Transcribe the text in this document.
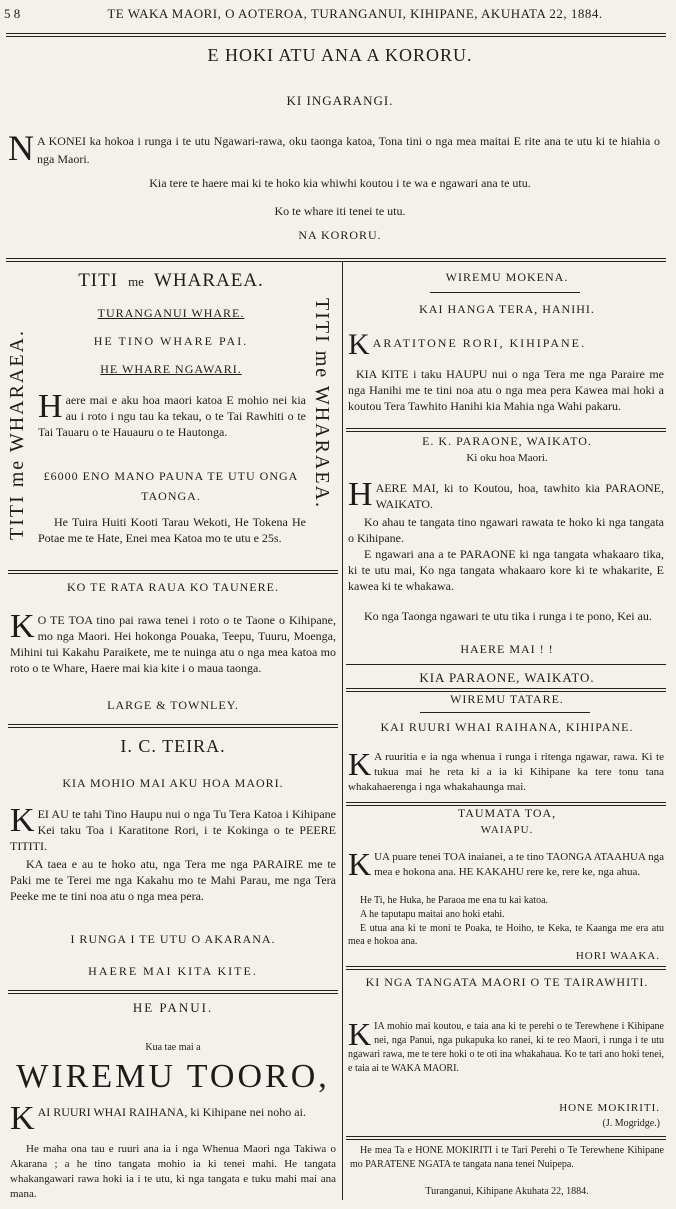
5 8	TE WAKA MAORI, O AOTEROA, TURANGANUI, KIHIPANE, AKUHATA 22, 1884.
E HOKI ATU ANA A KORORU.
KI INGARANGI.
N A KONEI ka hokoa i runga i te utu Ngawari-rawa, oku taonga katoa, Tona tini o nga mea maitai E rite ana te utu ki te hiahia o nga Maori.
Kia tere te haere mai ki te hoko kia whiwhi koutou i te wa e ngawari ana te utu.
Ko te whare iti tenei te utu.
NA KORORU.
TITI me WHARAEA.	TITI me WHARAEA.
TITI me WHARAEA.
TURANGANUI WHARE.
HE TINO WHARE PAI.
HE WHARE NGAWARI.
Haere mai e aku hoa maori katoa E mohio nei kia au i roto i ngu tau ka tekau, o te Tai Rawhiti o te Tai Tauaru o te Hauauru o te Hautonga.
£6000 ENO MANO PAUNA TE UTU ONGA TAONGA.
He Tuira Huiti Kooti Tarau Wekoti, He Tokena He Potae me te Hate, Enei mea Katoa mo te utu e 25s.
KO TE RATA RAUA KO TAUNERE.
K O TE TOA tino pai rawa tenei i roto o te Taone o Kihipane, mo nga Maori. Hei hokonga Pouaka, Teepu, Tuuru, Moenga, Mihini tui Kakahu Paraikete, me te nuinga atu o nga mea katoa mo roto o te Whare, Haere mai kia kite i o maua taonga.
LARGE & TOWNLEY.
I. C. TEIRA.
KIA MOHIO MAI AKU HOA MAORI.
KEI AU te tahi Tino Haupu nui o nga Tu Tera Katoa i Kihipane Kei taku Toa i Karatitone Rori, i te Kokinga o te PEERE TITITI.
KA taea e au te hoko atu, nga Tera me nga PARAIRE me te Paki me te Terei me nga Kakahu mo te Mahi Parau, me nga Tera Peeke me te tini noa atu o nga mea pera.
I RUNGA I TE UTU O AKARANA.
HAERE MAI KITA KITE.
HE PANUI.
Kua tae mai a
WIREMU TOORO,
KAI RUURI WHAI RAIHANA, ki Kihipane nei noho ai.
He maha ona tau e ruuri ana ia i nga Whenua Maori nga Takiwa o Akarana ; a he tino tangata mohio ia ki tenei mahi. He tangata whakangawari rawa hoki ia i te utu, ki nga tangata e tuku mahi mai ana mana.
WIREMU MOKENA.
KAI HANGA TERA, HANIHI.
K ARATITONE RORI, KIHIPANE.
KIA KITE i taku HAUPU nui o nga Tera me nga Paraire me nga Hanihi me te tini noa atu o nga mea pera Kawea mai hoki a koutou Tera Tawhito Hanihi kia Mahia nga Wahi pakaru.
E. K. PARAONE, WAIKATO.
Ki oku hoa Maori.
HAERE MAI, ki to Koutou, hoa, tawhito kia PARAONE, WAIKATO.
Ko ahau te tangata tino ngawari rawata te hoko ki nga tangata o Kihipane.
E ngawari ana a te PARAONE ki nga tangata whakaaro tika, ki te utu mai, Ko nga tangata whakaaro kore ki te whakarite, E kawea ki te whakawa.
Ko nga Taonga ngawari te utu tika i runga i te pono, Kei au.
HAERE MAI ! !
KIA PARAONE, WAIKATO.
WIREMU TATARE.
KAI RUURI WHAI RAIHANA, KIHIPANE.
K A ruuritia e ia nga whenua i runga i ritenga ngawar, rawa. Ki te tukua mai he reta ki a ia ki Kihipane ka tere tonu tana whakahaerenga i nga whakahaunga mai.
TAUMATA TOA,
WAIAPU.
KUA puare tenei TOA inaianei, a te tino TAONGA ATAAHUA nga mea e hokona ana. HE KAKAHU rere ke, rere ke, nga ahua.
He Ti, he Huka, he Paraoa me ena tu kai katoa.
A he taputapu maitai ano hoki etahi.
E utua ana ki te moni te Poaka, te Hoiho, te Keka, te Kaanga me era atu mea e hokoa ana.
HORI WAAKA.
KI NGA TANGATA MAORI O TE TAIRAWHITI.
KIA mohio mai koutou, e taia ana ki te perehi o te Terewhene i Kihipane nei, nga Panui, nga pukapuka ko ranei, ki te reo Maori, i runga i te utu ngawari rawa, me te tere hoki o te oti ina whakahaua. Ko te tari ano hoki tenei, e taia ai te WAKA MAORI.
HONE MOKIRITI.
(J. Mogridge.)
He mea Ta e HONE MOKIRITI i te Tari Perehi o Te Terewhene Kihipane mo PARATENE NGATA te tangata nana tenei Nuipepa.
Turanganui, Kihipane Akuhata 22, 1884.
